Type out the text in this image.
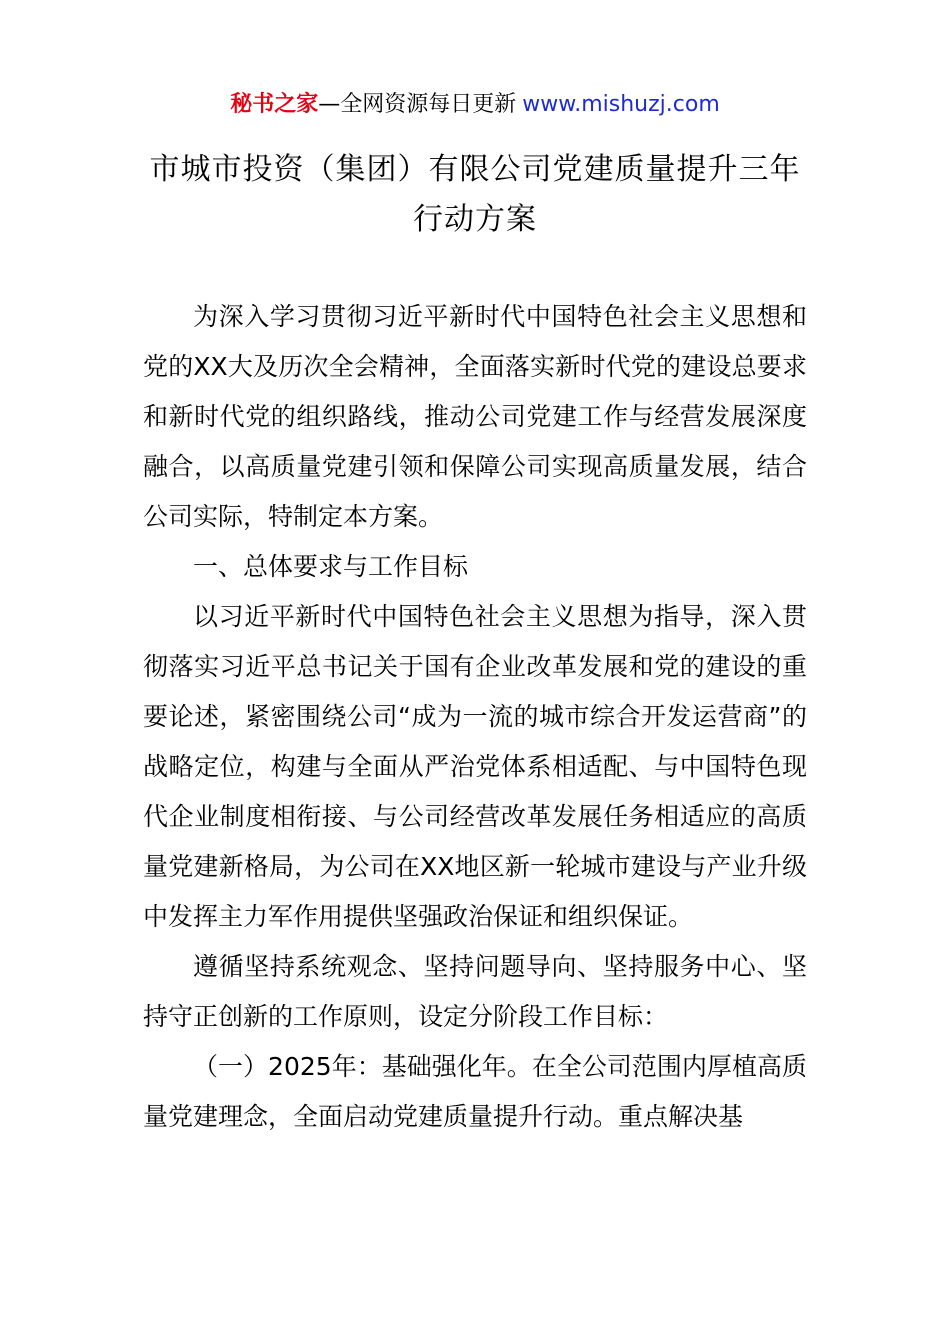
秘书之家—全网资源每日更新 www.mishuzj.com
市城市投资（集团）有限公司党建质量提升三年行动方案

为深入学习贯彻习近平新时代中国特色社会主义思想和党的XX大及历次全会精神，全面落实新时代党的建设总要求和新时代党的组织路线，推动公司党建工作与经营发展深度融合，以高质量党建引领和保障公司实现高质量发展，结合公司实际，特制定本方案。

一、总体要求与工作目标

以习近平新时代中国特色社会主义思想为指导，深入贯彻落实习近平总书记关于国有企业改革发展和党的建设的重要论述，紧密围绕公司“成为一流的城市综合开发运营商”的战略定位，构建与全面从严治党体系相适配、与中国特色现代企业制度相衔接、与公司经营改革发展任务相适应的高质量党建新格局，为公司在XX地区新一轮城市建设与产业升级中发挥主力军作用提供坚强政治保证和组织保证。

遵循坚持系统观念、坚持问题导向、坚持服务中心、坚持守正创新的工作原则，设定分阶段工作目标：

（一）2025年：基础强化年。在全公司范围内厚植高质量党建理念，全面启动党建质量提升行动。重点解决基
